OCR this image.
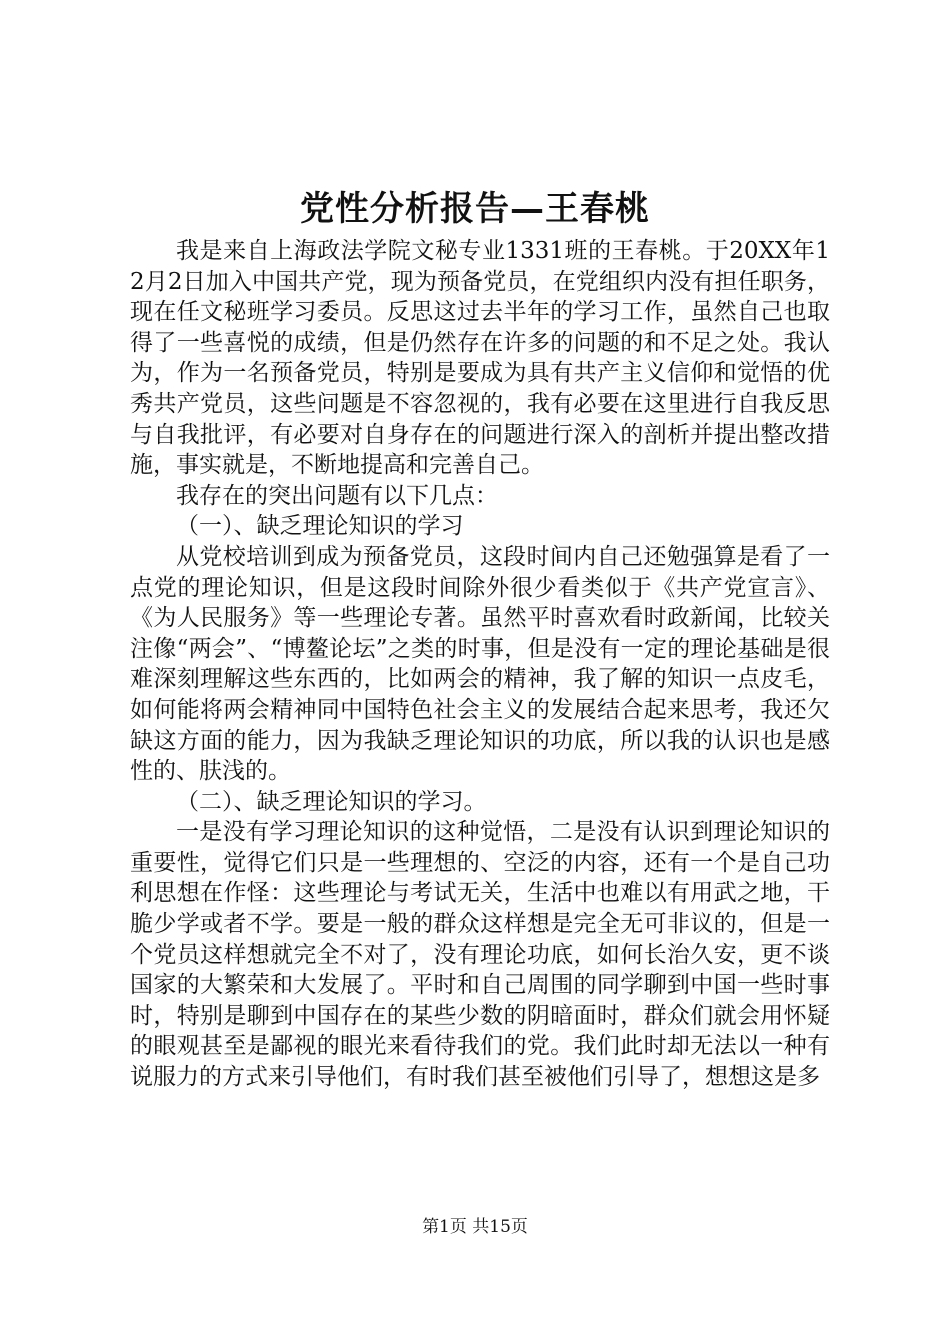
党性分析报告—王春桃

我是来自上海政法学院文秘专业1331班的王春桃。于20XX年12月2日加入中国共产党，现为预备党员，在党组织内没有担任职务，现在任文秘班学习委员。反思这过去半年的学习工作，虽然自己也取得了一些喜悦的成绩，但是仍然存在许多的问题的和不足之处。我认为，作为一名预备党员，特别是要成为具有共产主义信仰和觉悟的优秀共产党员，这些问题是不容忽视的，我有必要在这里进行自我反思与自我批评，有必要对自身存在的问题进行深入的剖析并提出整改措施，事实就是，不断地提高和完善自己。

我存在的突出问题有以下几点：

（一）、缺乏理论知识的学习

从党校培训到成为预备党员，这段时间内自己还勉强算是看了一点党的理论知识，但是这段时间除外很少看类似于《共产党宣言》、《为人民服务》等一些理论专著。虽然平时喜欢看时政新闻，比较关注像“两会”、“博鳌论坛”之类的时事，但是没有一定的理论基础是很难深刻理解这些东西的，比如两会的精神，我了解的知识一点皮毛，如何能将两会精神同中国特色社会主义的发展结合起来思考，我还欠缺这方面的能力，因为我缺乏理论知识的功底，所以我的认识也是感性的、肤浅的。

（二）、缺乏理论知识的学习。

一是没有学习理论知识的这种觉悟，二是没有认识到理论知识的重要性，觉得它们只是一些理想的、空泛的内容，还有一个是自己功利思想在作怪：这些理论与考试无关，生活中也难以有用武之地，干脆少学或者不学。要是一般的群众这样想是完全无可非议的，但是一个党员这样想就完全不对了，没有理论功底，如何长治久安，更不谈国家的大繁荣和大发展了。平时和自己周围的同学聊到中国一些时事时，特别是聊到中国存在的某些少数的阴暗面时，群众们就会用怀疑的眼观甚至是鄙视的眼光来看待我们的党。我们此时却无法以一种有说服力的方式来引导他们，有时我们甚至被他们引导了，想想这是多

第1页 共15页
